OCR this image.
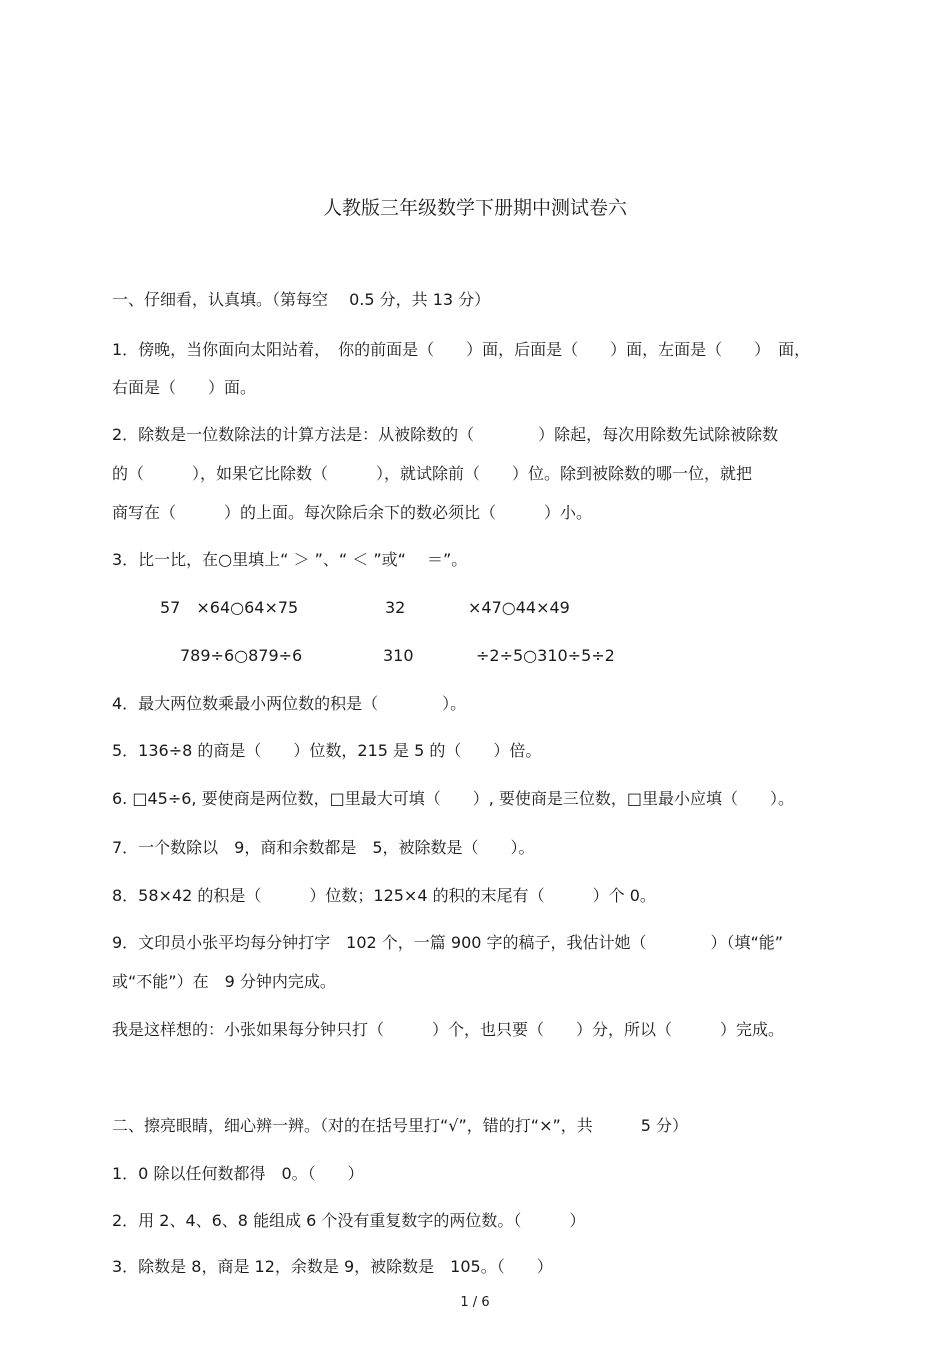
人教版三年级数学下册期中测试卷六

一、仔细看，认真填。（第每空　 0.5 分，共 13 分）

1．傍晚，当你面向太阳站着，　你的前面是（　　）面，后面是（　　）面，左面是（　　）　面，

右面是（　　）面。

2．除数是一位数除法的计算方法是：从被除数的（　　　　）除起，每次用除数先试除被除数

的（　　　），如果它比除数（　　　），就试除前（　　）位。除到被除数的哪一位，就把

商写在（　　　）的上面。每次除后余下的数必须比（　　　）小。

3．比一比，在○里填上“ ＞ ”、“ ＜ ”或“　 ＝”。

57　×64○64×75	32	×47○44×49
789÷6○879÷6	310	÷2÷5○310÷5÷2

4．最大两位数乘最小两位数的积是（　　　　）。

5．136÷8 的商是（　　）位数，215 是 5 的（　　）倍。

6. □45÷6, 要使商是两位数，□里最大可填（　　）, 要使商是三位数，□里最小应填（　　）。

7．一个数除以　9，商和余数都是　5，被除数是（　　）。

8．58×42 的积是（　　　）位数；125×4 的积的末尾有（　　　）个 0。

9．文印员小张平均每分钟打字　102 个，一篇 900 字的稿子，我估计她（　　　　）（填“能”

或“不能”）在　9 分钟内完成。

我是这样想的：小张如果每分钟只打（　　　）个，也只要（　　）分，所以（　　　）完成。

二、擦亮眼睛，细心辨一辨。（对的在括号里打“√”，错的打“×”，共　　　5 分）

1．0 除以任何数都得　0。（　　）

2．用 2、4、6、8 能组成 6 个没有重复数字的两位数。（　　　）

3．除数是 8，商是 12，余数是 9，被除数是　105。（　　）

1 / 6
